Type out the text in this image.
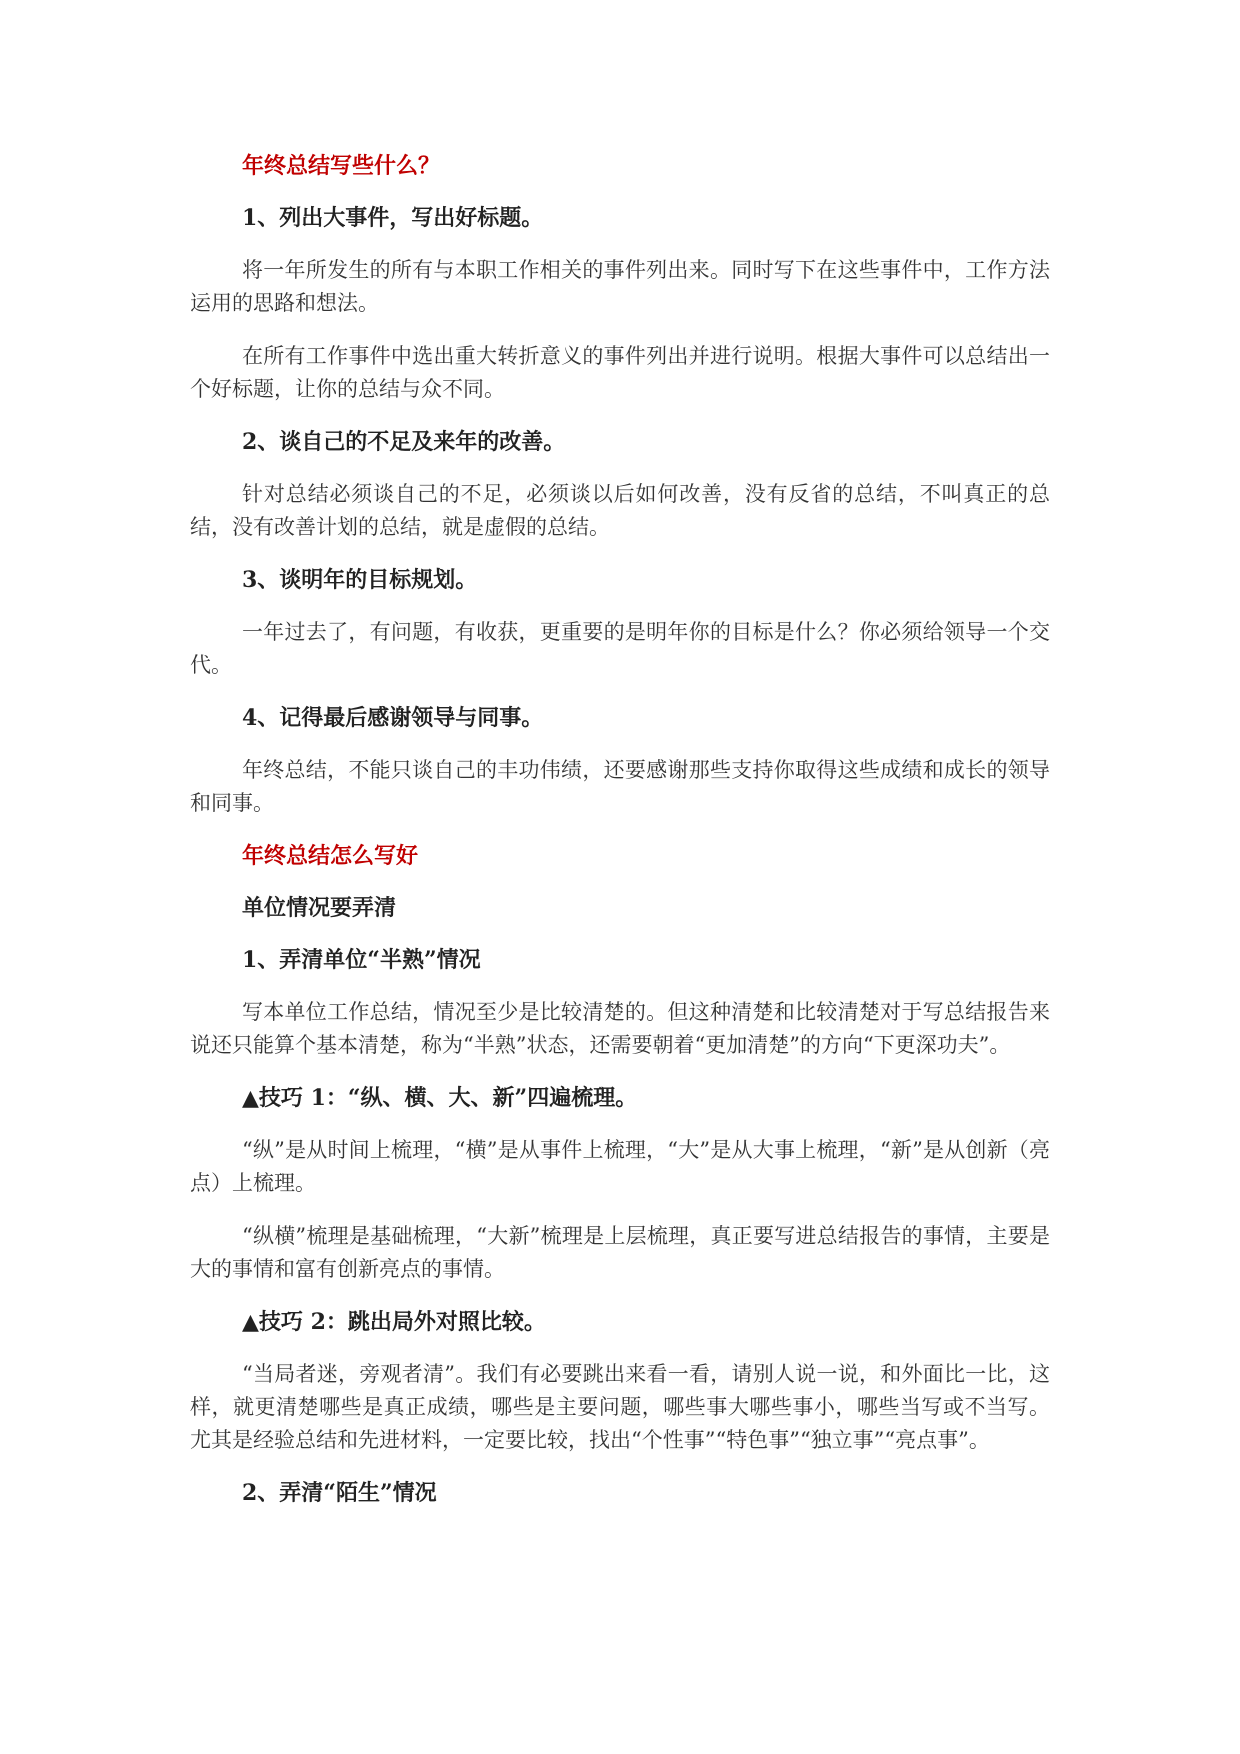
年终总结写些什么？
1、列出大事件，写出好标题。
将一年所发生的所有与本职工作相关的事件列出来。同时写下在这些事件中，工作方法运用的思路和想法。
在所有工作事件中选出重大转折意义的事件列出并进行说明。根据大事件可以总结出一个好标题，让你的总结与众不同。
2、谈自己的不足及来年的改善。
针对总结必须谈自己的不足，必须谈以后如何改善，没有反省的总结，不叫真正的总结，没有改善计划的总结，就是虚假的总结。
3、谈明年的目标规划。
一年过去了，有问题，有收获，更重要的是明年你的目标是什么？你必须给领导一个交代。
4、记得最后感谢领导与同事。
年终总结，不能只谈自己的丰功伟绩，还要感谢那些支持你取得这些成绩和成长的领导和同事。
年终总结怎么写好
单位情况要弄清
1、弄清单位“半熟”情况
写本单位工作总结，情况至少是比较清楚的。但这种清楚和比较清楚对于写总结报告来说还只能算个基本清楚，称为“半熟”状态，还需要朝着“更加清楚”的方向“下更深功夫”。
▲技巧 1：“纵、横、大、新”四遍梳理。
“纵”是从时间上梳理，“横”是从事件上梳理，“大”是从大事上梳理，“新”是从创新（亮点）上梳理。
“纵横”梳理是基础梳理，“大新”梳理是上层梳理，真正要写进总结报告的事情，主要是大的事情和富有创新亮点的事情。
▲技巧 2：跳出局外对照比较。
“当局者迷，旁观者清”。我们有必要跳出来看一看，请别人说一说，和外面比一比，这样，就更清楚哪些是真正成绩，哪些是主要问题，哪些事大哪些事小，哪些当写或不当写。尤其是经验总结和先进材料，一定要比较，找出“个性事”“特色事”“独立事”“亮点事”。
2、弄清“陌生”情况
